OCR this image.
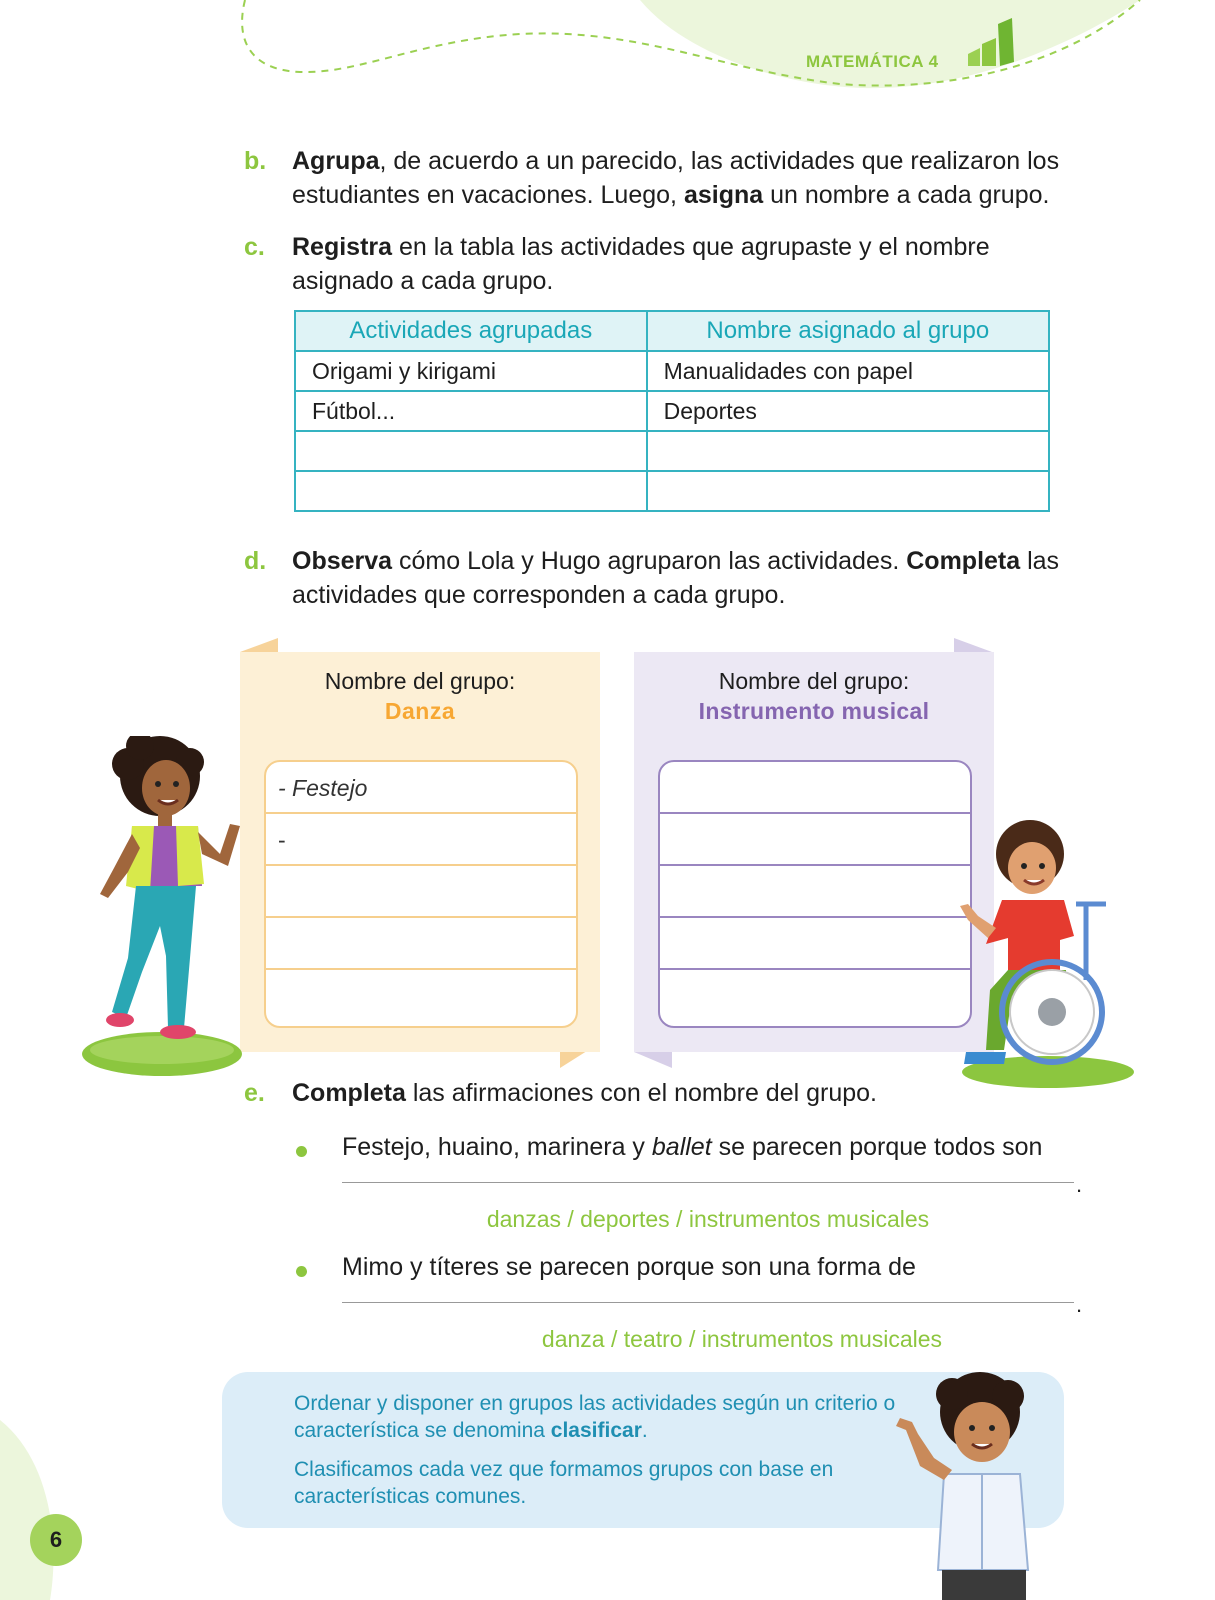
MATEMÁTICA 4
b. Agrupa, de acuerdo a un parecido, las actividades que realizaron los estudiantes en vacaciones. Luego, asigna un nombre a cada grupo.
c. Registra en la tabla las actividades que agrupaste y el nombre asignado a cada grupo.
Actividades agrupadas	Nombre asignado al grupo
Origami y kirigami	Manualidades con papel
Fútbol...	Deportes

d. Observa cómo Lola y Hugo agruparon las actividades. Completa las actividades que corresponden a cada grupo.
Nombre del grupo:
Danza
- Festejo
-
Nombre del grupo:
Instrumento musical
e. Completa las afirmaciones con el nombre del grupo.
Festejo, huaino, marinera y ballet se parecen porque todos son
.
danzas / deportes / instrumentos musicales
Mimo y títeres se parecen porque son una forma de
.
danza / teatro / instrumentos musicales

Ordenar y disponer en grupos las actividades según un criterio o característica se denomina clasificar.

Clasificamos cada vez que formamos grupos con base en características comunes.

6
